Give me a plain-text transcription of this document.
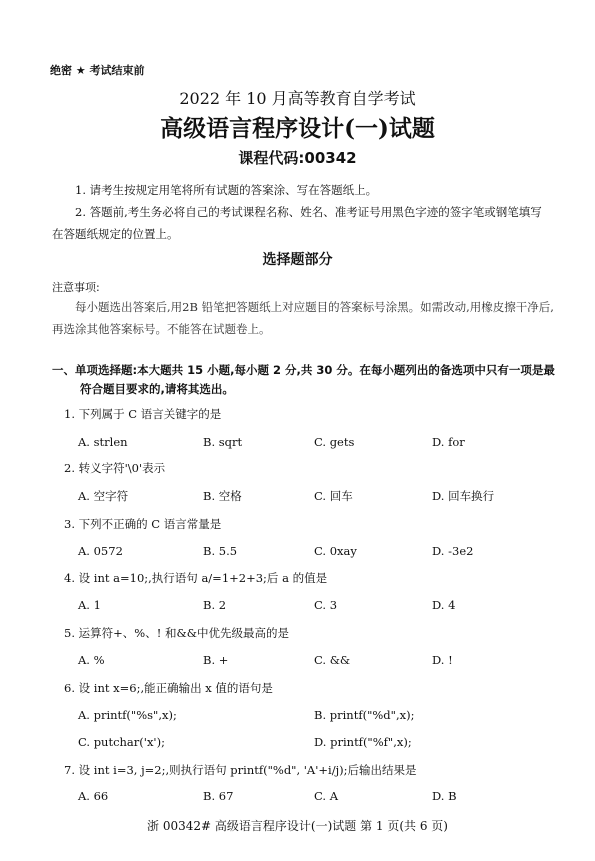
绝密 ★ 考试结束前
2022 年 10 月高等教育自学考试
高级语言程序设计(一)试题
课程代码:00342
1. 请考生按规定用笔将所有试题的答案涂、写在答题纸上。
2. 答题前,考生务必将自己的考试课程名称、姓名、准考证号用黑色字迹的签字笔或钢笔填写在答题纸规定的位置上。
选择题部分
注意事项:
每小题选出答案后,用2B 铅笔把答题纸上对应题目的答案标号涂黑。如需改动,用橡皮擦干净后,再选涂其他答案标号。不能答在试题卷上。
一、单项选择题:本大题共 15 小题,每小题 2 分,共 30 分。在每小题列出的备选项中只有一项是最符合题目要求的,请将其选出。
1. 下列属于 C 语言关键字的是
A. strlen	B. sqrt	C. gets	D. for
2. 转义字符'\0'表示
A. 空字符	B. 空格	C. 回车	D. 回车换行
3. 下列不正确的 C 语言常量是
A. 0572	B. 5.5	C. 0xay	D. -3e2
4. 设 int a=10;,执行语句 a/=1+2+3;后 a 的值是
A. 1	B. 2	C. 3	D. 4
5. 运算符+、%、! 和&&中优先级最高的是
A. %	B. +	C. &&	D. !
6. 设 int x=6;,能正确输出 x 值的语句是
A. printf("%s",x);	B. printf("%d",x);
C. putchar('x');	D. printf("%f",x);
7. 设 int i=3, j=2;,则执行语句 printf("%d", 'A'+i/j);后输出结果是
A. 66	B. 67	C. A	D. B
浙 00342# 高级语言程序设计(一)试题 第 1 页(共 6 页)
